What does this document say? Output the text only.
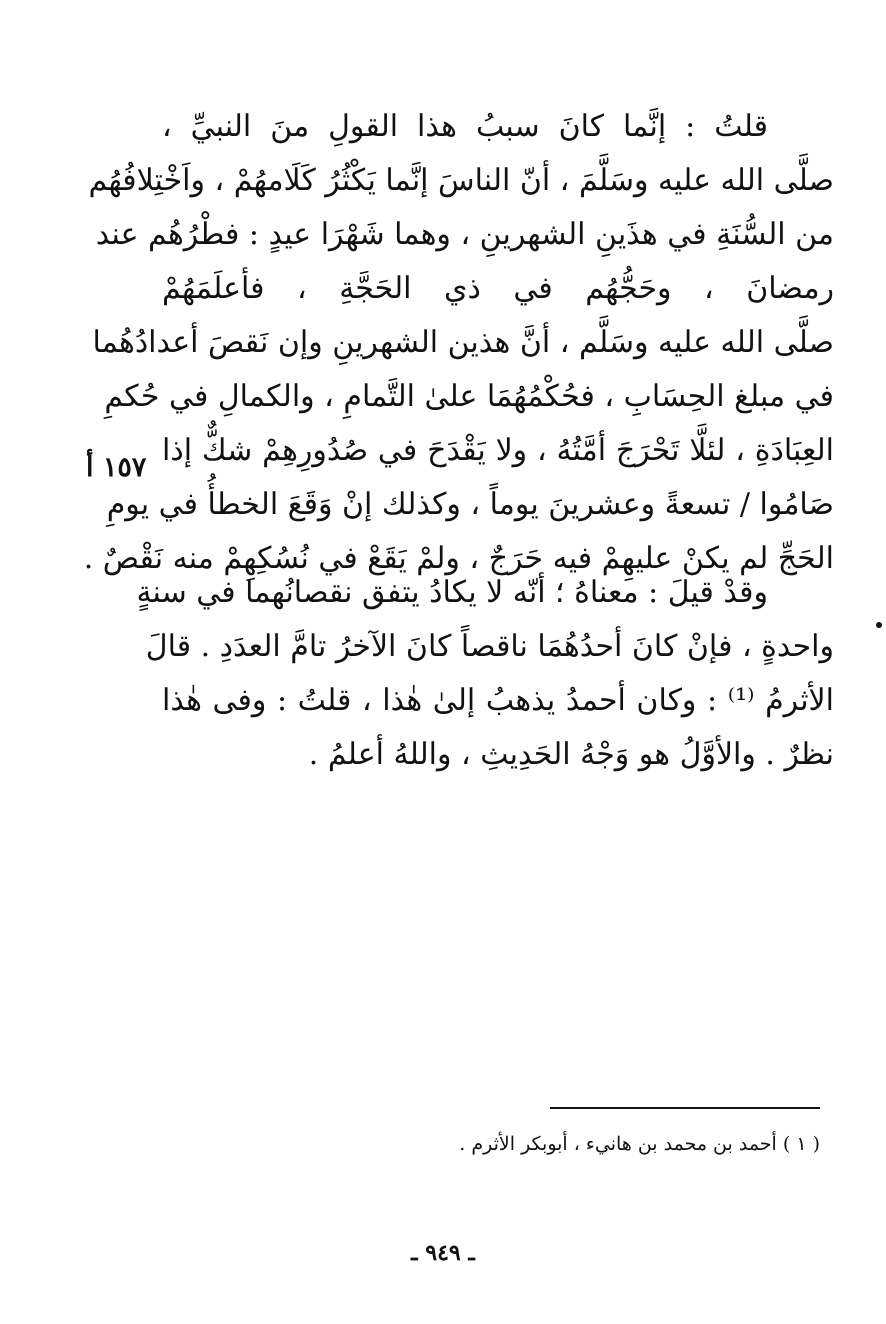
قلتُ : إنَّما كانَ سببُ هذا القولِ منَ النبيِّ ،
صلَّى الله عليه وسَلَّمَ ، أنّ الناسَ إنَّما يَكْثُرُ كَلَامهُمْ ، واَخْتِلافُهُم
من السُّنَةِ في هذَينِ الشهرينِ ، وهما شَهْرَا عيدٍ : فطْرُهُم عند
رمضانَ ، وحَجُّهُم في ذي الحَجَّةِ ، فأعلَمَهُمْ
صلَّى الله عليه وسَلَّم ، أنَّ هذين الشهرينِ وإن نَقصَ أعدادُهُما
في مبلغ الحِسَابِ ، فحُكْمُهُمَا علىٰ التَّمامِ ، والكمالِ في حُكمِ
العِبَادَةِ ، لئلَّا تَحْرَجَ أمَّتُهُ ، ولا يَقْدَحَ في صُدُورِهِمْ شكٌّ إذا
صَامُوا / تسعةً وعشرينَ يوماً ، وكذلك إنْ وَقَعَ الخطأُ في يومِ
الحَجِّ لم يكنْ عليهِمْ فيه حَرَجٌ ، ولمْ يَقَعْ في نُسُكِهِمْ منه نَقْصٌ .
١٥٧ أ
وقدْ قيلَ : معناهُ ؛ أنّه لا يكادُ يتفق نقصانُهما في سنةٍ
واحدةٍ ، فإنْ كانَ أحدُهُمَا ناقصاً كانَ الآخرُ تامَّ العدَدِ . قالَ
الأثرمُ ⁽¹⁾ : وكان أحمدُ يذهبُ إلىٰ هٰذا ، قلتُ : وفى هٰذا
نظرٌ . والأوَّلُ هو وَجْهُ الحَدِيثِ ، واللهُ أعلمُ .
( ١ ) أحمد بن محمد بن هانيء ، أبوبكر الأثرم .
ـ ٩٤٩ ـ
